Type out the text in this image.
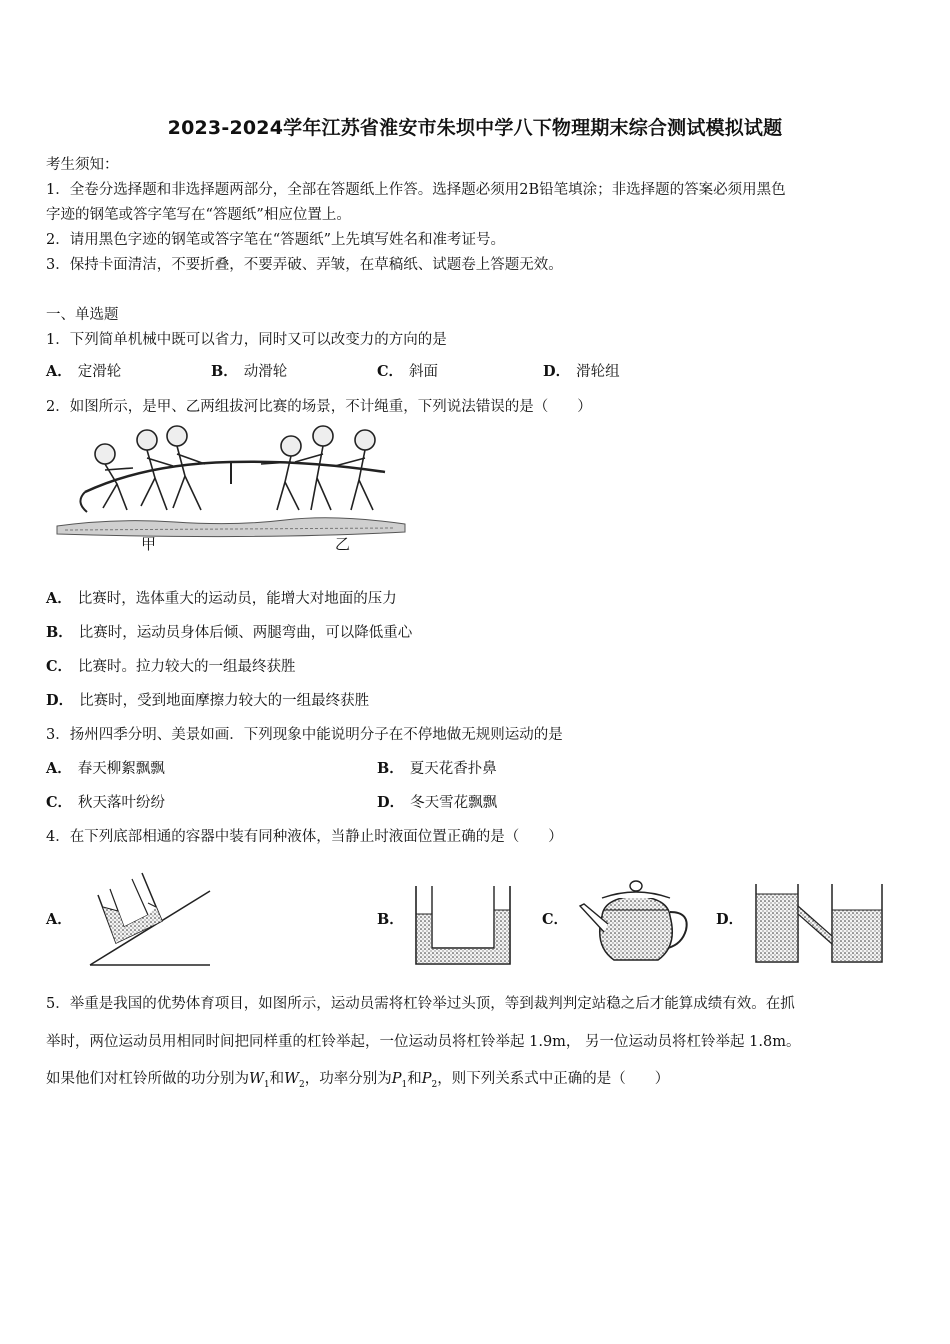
2023-2024学年江苏省淮安市朱坝中学八下物理期末综合测试模拟试题
考生须知：
1．全卷分选择题和非选择题两部分，全部在答题纸上作答。选择题必须用2B铅笔填涂；非选择题的答案必须用黑色
字迹的钢笔或答字笔写在“答题纸”相应位置上。
2．请用黑色字迹的钢笔或答字笔在“答题纸”上先填写姓名和准考证号。
3．保持卡面清洁，不要折叠，不要弄破、弄皱，在草稿纸、试题卷上答题无效。
一、单选题
1．下列简单机械中既可以省力，同时又可以改变力的方向的是
A． 定滑轮	B． 动滑轮	C． 斜面	D． 滑轮组
2．如图所示，是甲、乙两组拔河比赛的场景，不计绳重，下列说法错误的是（　　）
甲	乙
A． 比赛时，选体重大的运动员，能增大对地面的压力
B． 比赛时，运动员身体后倾、两腿弯曲，可以降低重心
C． 比赛时。拉力较大的一组最终获胜
D． 比赛时，受到地面摩擦力较大的一组最终获胜
3．扬州四季分明、美景如画．下列现象中能说明分子在不停地做无规则运动的是
A． 春天柳絮飘飘	B． 夏天花香扑鼻
C． 秋天落叶纷纷	D． 冬天雪花飘飘
4．在下列底部相通的容器中装有同种液体，当静止时液面位置正确的是（　　）
A．	B．	C．	D．
5．举重是我国的优势体育项目，如图所示，运动员需将杠铃举过头顶，等到裁判判定站稳之后才能算成绩有效。在抓
举时，两位运动员用相同时间把同样重的杠铃举起，一位运动员将杠铃举起 1.9m， 另一位运动员将杠铃举起 1.8m。
如果他们对杠铃所做的功分别为$W_1$和$W_2$，功率分别为$P_1$和$P_2$，则下列关系式中正确的是（　　）
